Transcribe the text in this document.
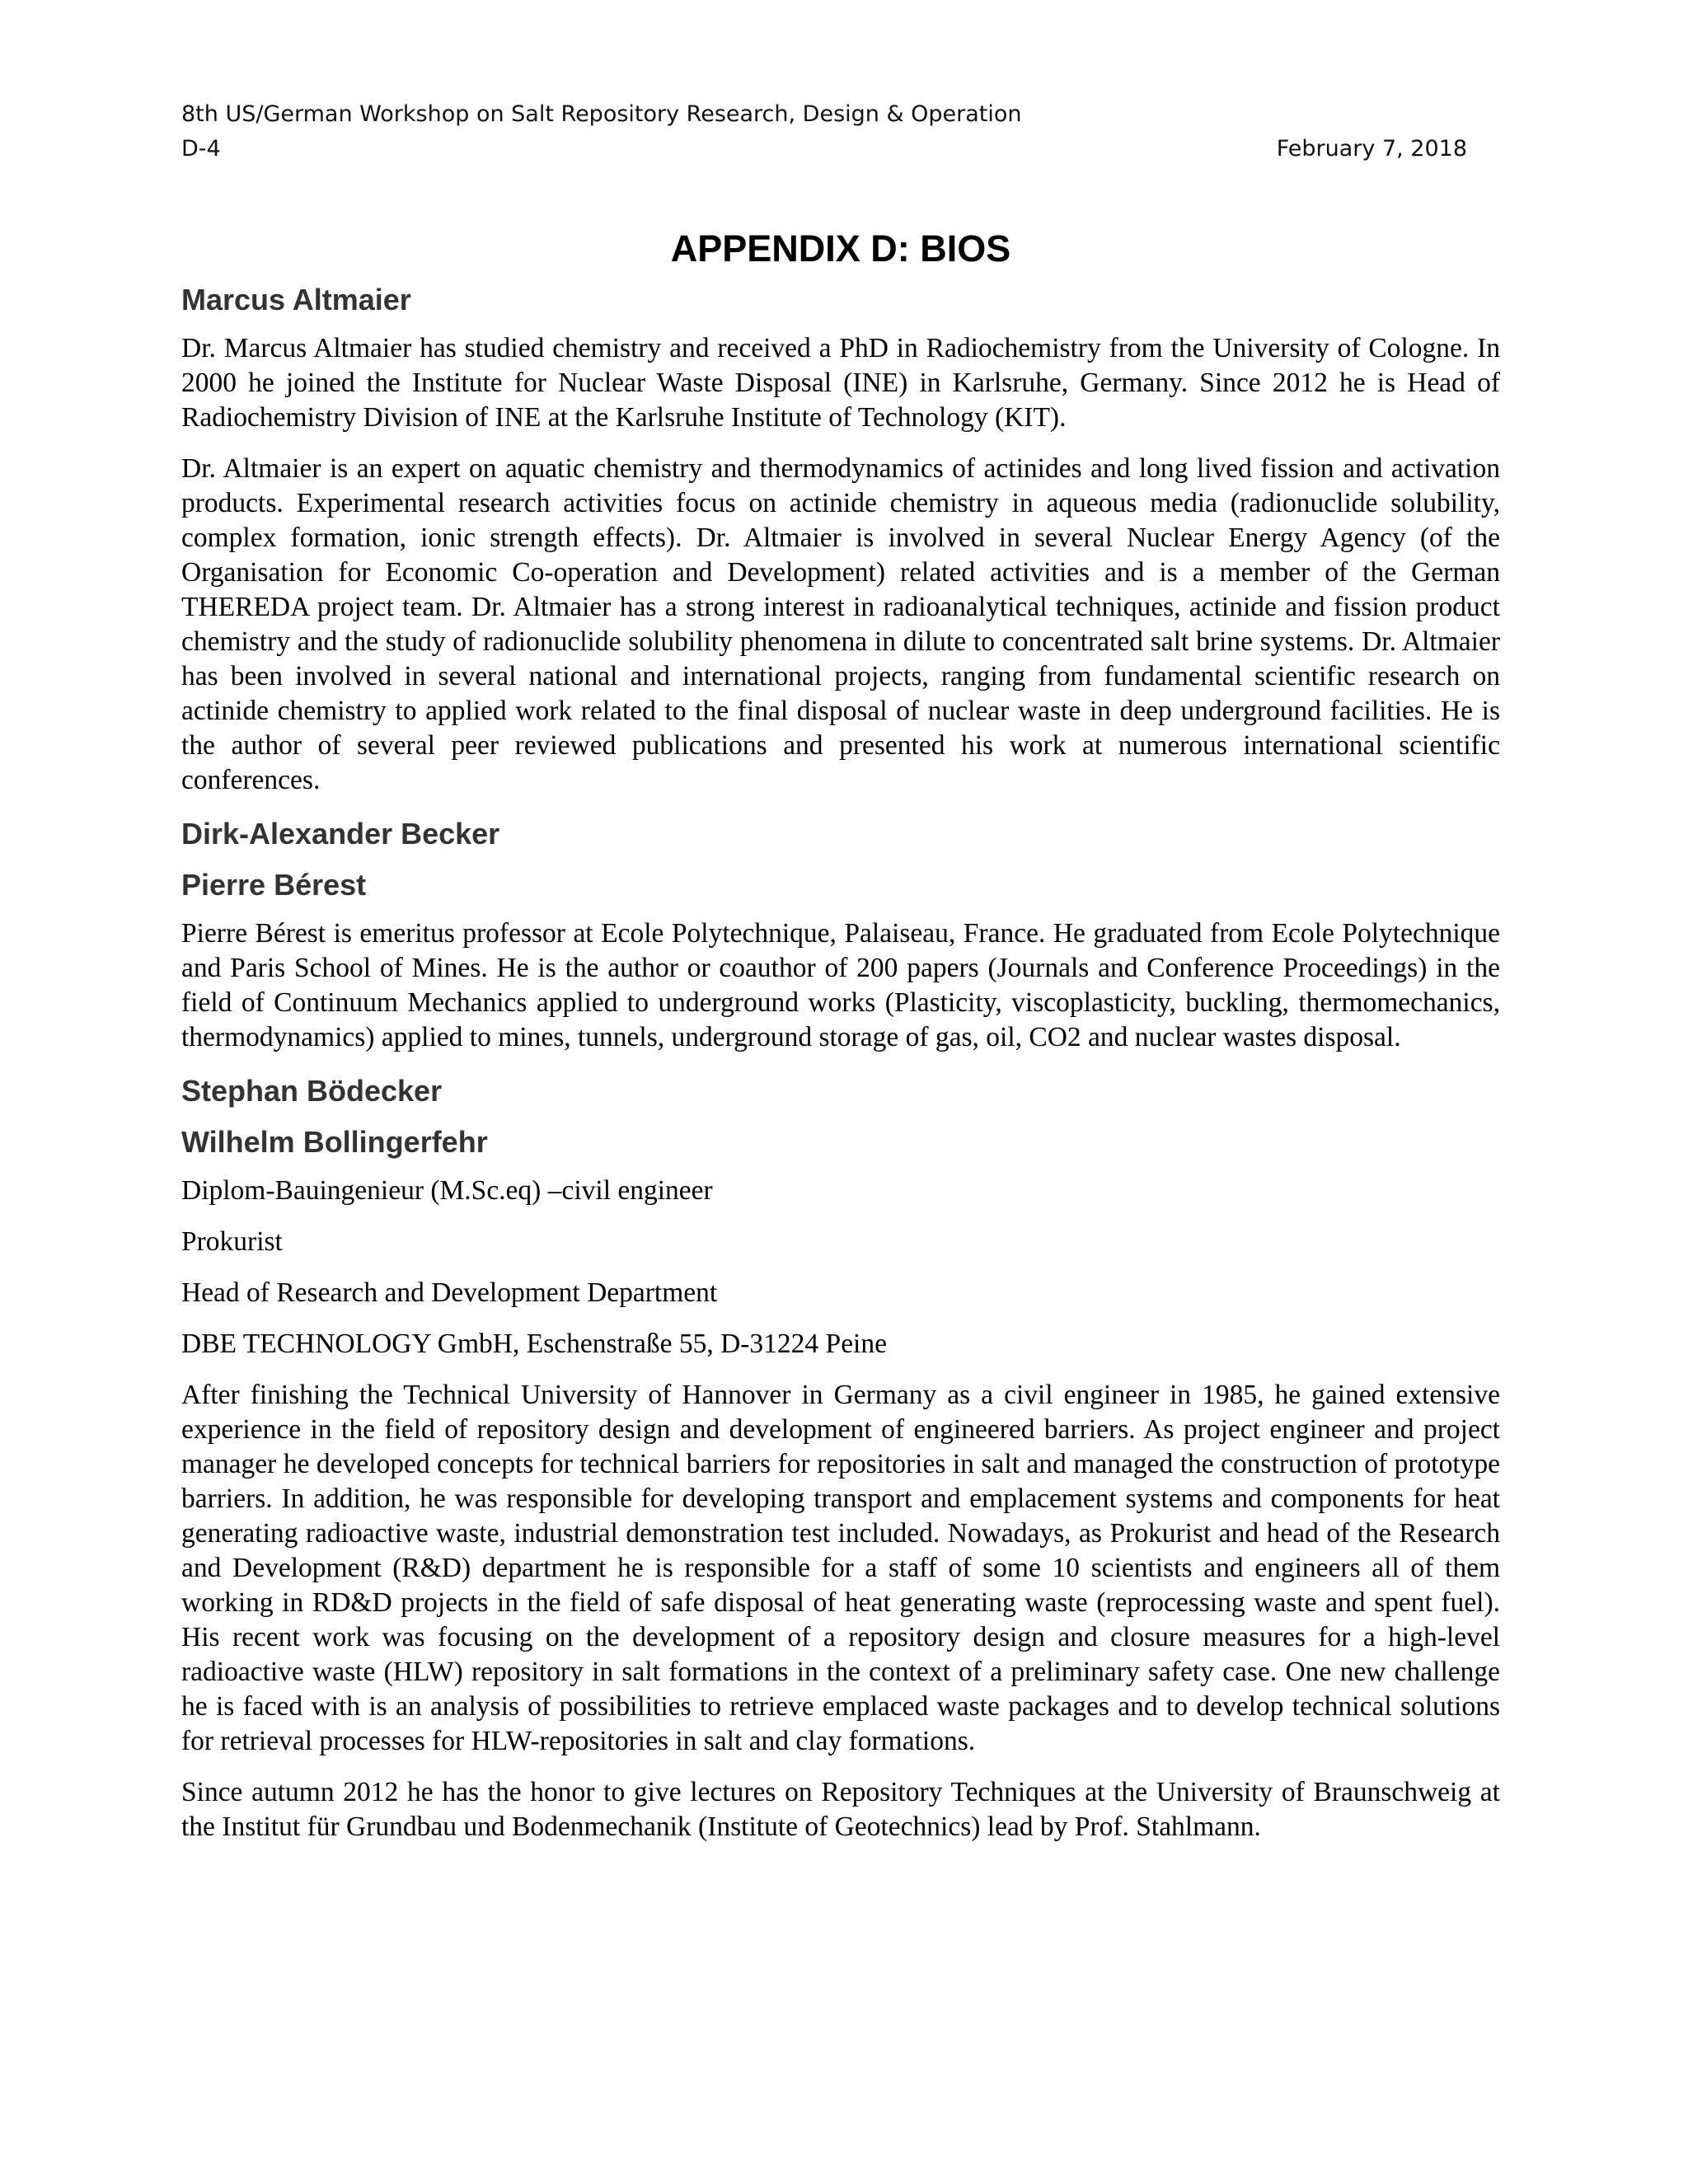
8th US/German Workshop on Salt Repository Research, Design & Operation
D-4	February 7, 2018
APPENDIX D: BIOS
Marcus Altmaier

Dr. Marcus Altmaier has studied chemistry and received a PhD in Radiochemistry from the University of Cologne. In 2000 he joined the Institute for Nuclear Waste Disposal (INE) in Karlsruhe, Germany. Since 2012 he is Head of Radiochemistry Division of INE at the Karlsruhe Institute of Technology (KIT).

Dr. Altmaier is an expert on aquatic chemistry and thermodynamics of actinides and long lived fission and activation products. Experimental research activities focus on actinide chemistry in aqueous media (radionuclide solubility, complex formation, ionic strength effects). Dr. Altmaier is involved in several Nuclear Energy Agency (of the Organisation for Economic Co-operation and Development) related activities and is a member of the German THEREDA project team. Dr. Altmaier has a strong interest in radioanalytical techniques, actinide and fission product chemistry and the study of radionuclide solubility phenomena in dilute to concentrated salt brine systems. Dr. Altmaier has been involved in several national and international projects, ranging from fundamental scientific research on actinide chemistry to applied work related to the final disposal of nuclear waste in deep underground facilities. He is the author of several peer reviewed publications and presented his work at numerous international scientific conferences.

Dirk-Alexander Becker
Pierre Bérest

Pierre Bérest is emeritus professor at Ecole Polytechnique, Palaiseau, France. He graduated from Ecole Polytechnique and Paris School of Mines. He is the author or coauthor of 200 papers (Journals and Conference Proceedings) in the field of Continuum Mechanics applied to underground works (Plasticity, viscoplasticity, buckling, thermomechanics, thermodynamics) applied to mines, tunnels, underground storage of gas, oil, CO2 and nuclear wastes disposal.

Stephan Bödecker
Wilhelm Bollingerfehr
Diplom-Bauingenieur (M.Sc.eq) –civil engineer
Prokurist
Head of Research and Development Department
DBE TECHNOLOGY GmbH, Eschenstraße 55, D-31224 Peine

After finishing the Technical University of Hannover in Germany as a civil engineer in 1985, he gained extensive experience in the field of repository design and development of engineered barriers. As project engineer and project manager he developed concepts for technical barriers for repositories in salt and managed the construction of prototype barriers. In addition, he was responsible for developing transport and emplacement systems and components for heat generating radioactive waste, industrial demonstration test included. Nowadays, as Prokurist and head of the Research and Development (R&D) department he is responsible for a staff of some 10 scientists and engineers all of them working in RD&D projects in the field of safe disposal of heat generating waste (reprocessing waste and spent fuel). His recent work was focusing on the development of a repository design and closure measures for a high-level radioactive waste (HLW) repository in salt formations in the context of a preliminary safety case. One new challenge he is faced with is an analysis of possibilities to retrieve emplaced waste packages and to develop technical solutions for retrieval processes for HLW-repositories in salt and clay formations.

Since autumn 2012 he has the honor to give lectures on Repository Techniques at the University of Braunschweig at the Institut für Grundbau und Bodenmechanik (Institute of Geotechnics) lead by Prof. Stahlmann.
